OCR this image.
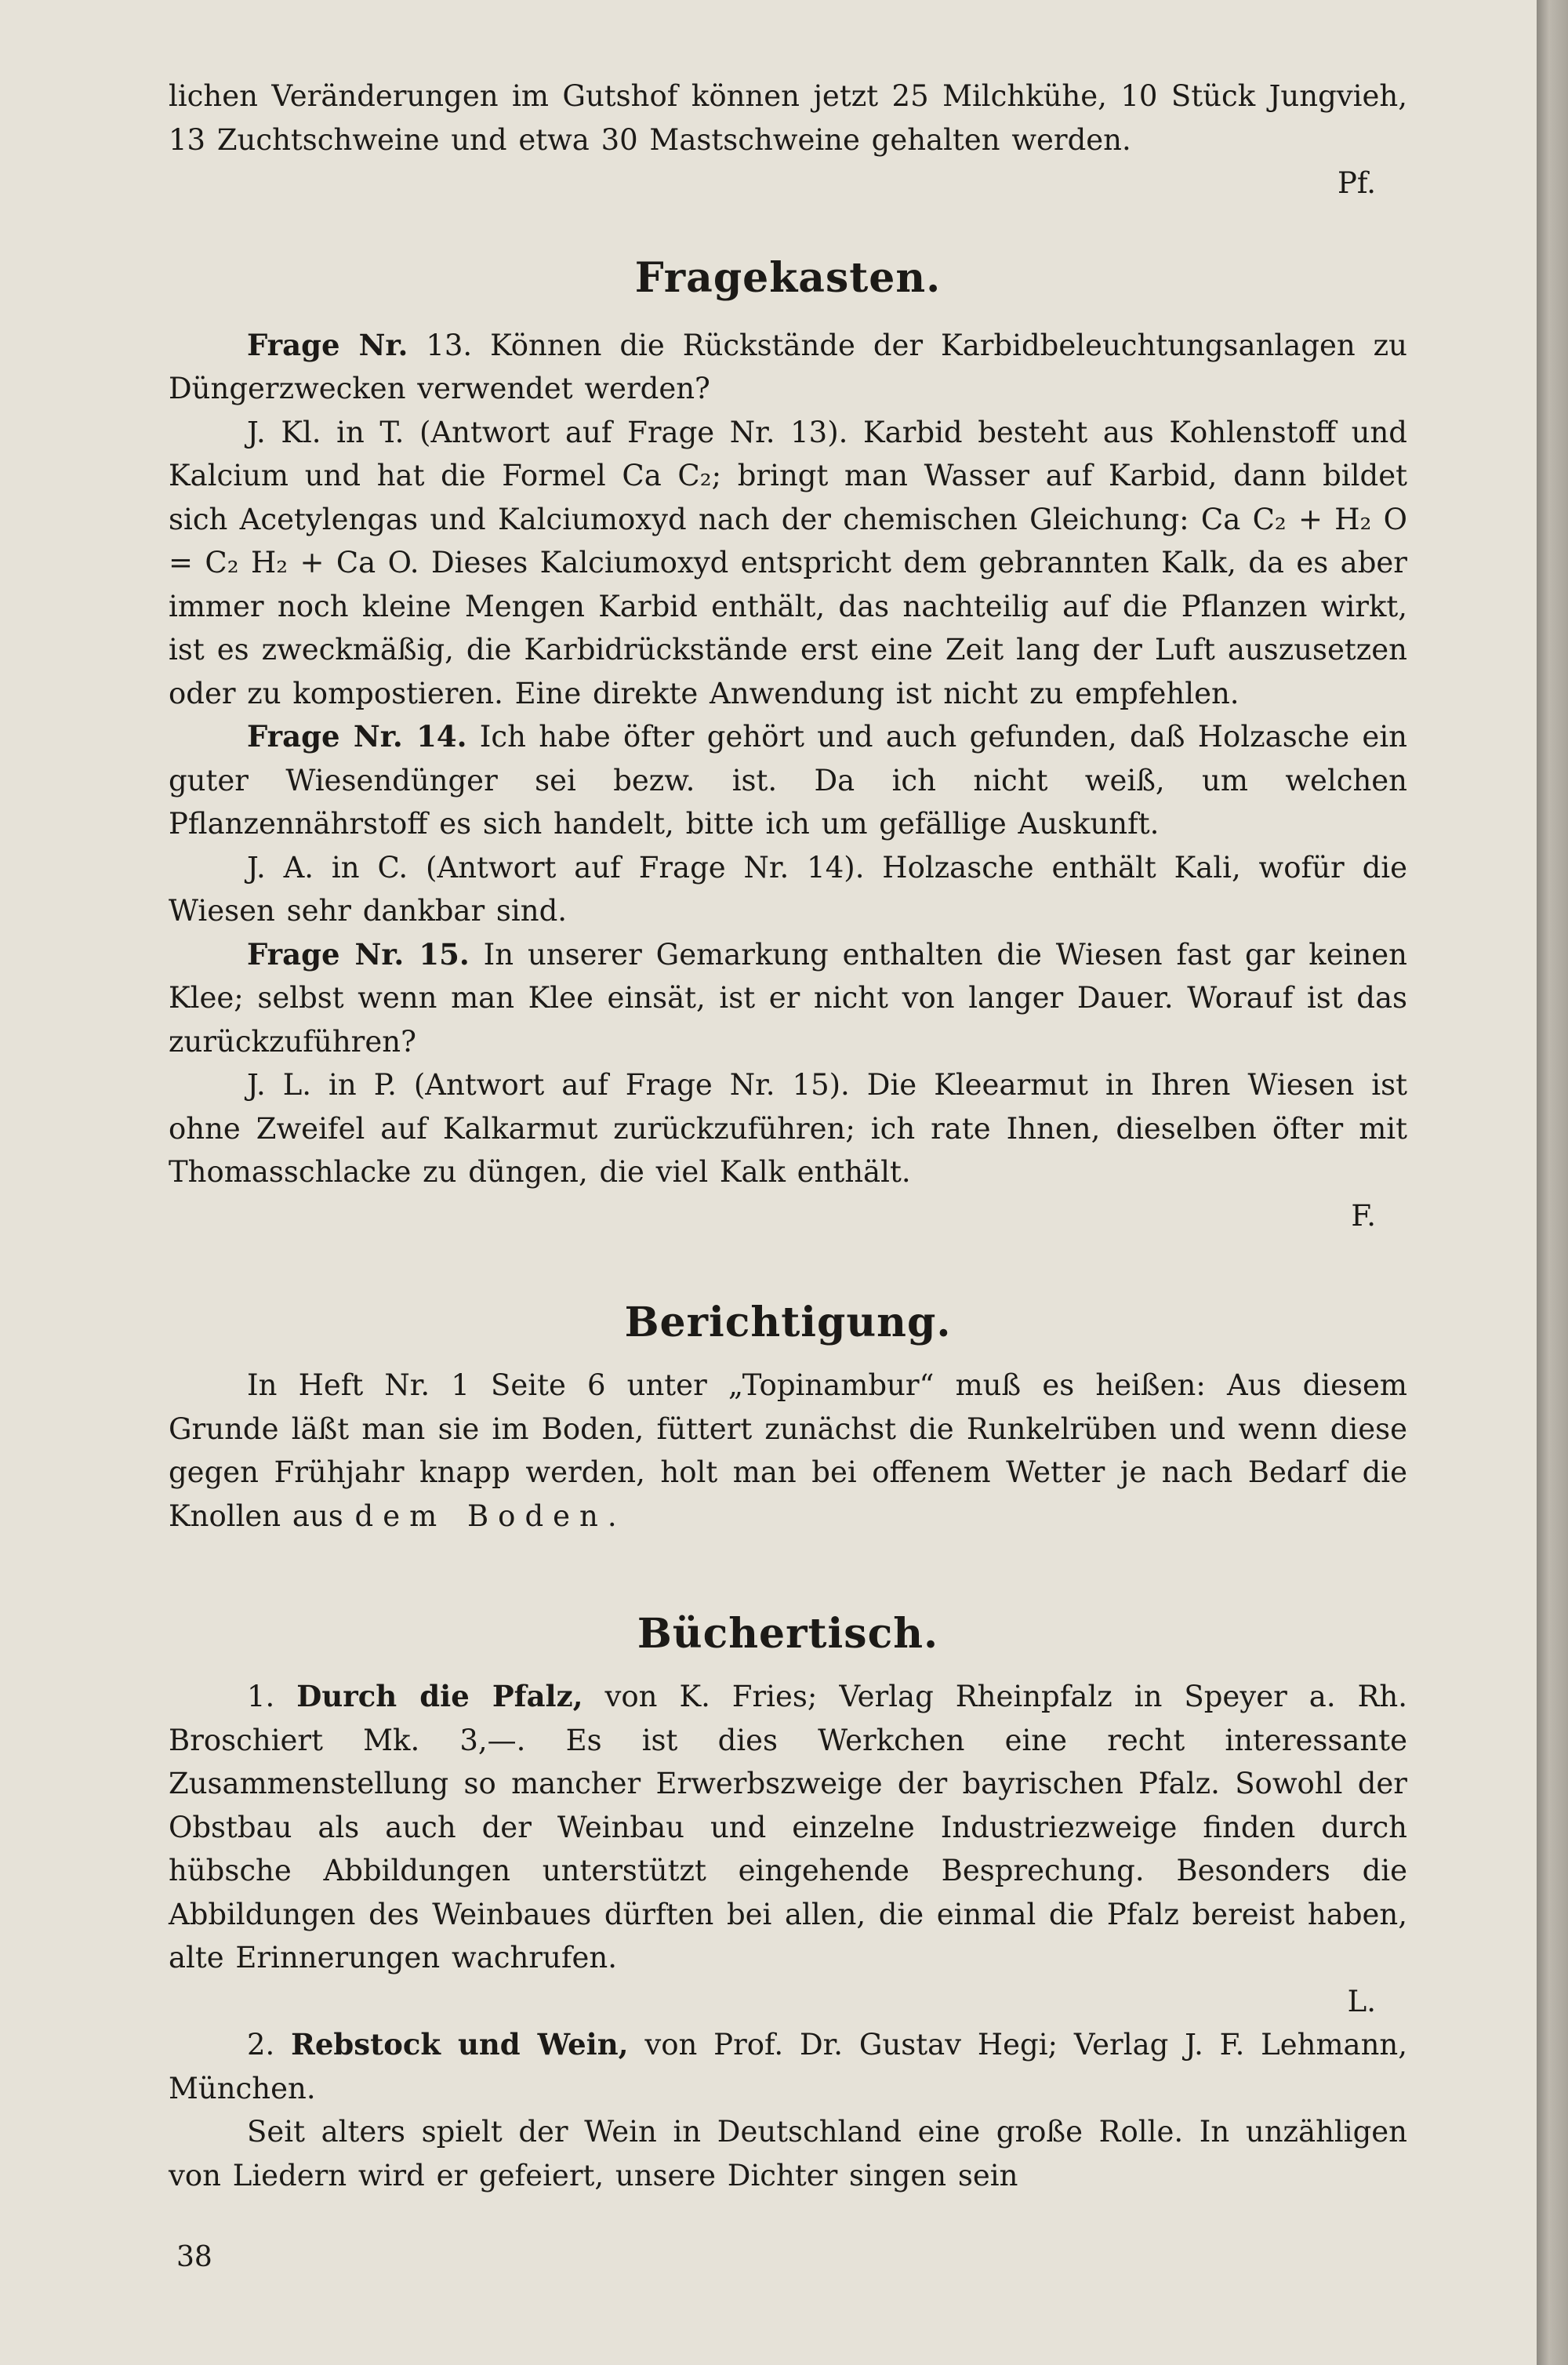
lichen Veränderungen im Gutshof können jetzt 25 Milchkühe, 10 Stück Jungvieh, 13 Zuchtschweine und etwa 30 Mastschweine gehalten werden.

Pf.

Fragekasten.

Frage Nr. 13. Können die Rückstände der Karbidbeleuchtungsanlagen zu Düngerzwecken verwendet werden?

J. Kl. in T. (Antwort auf Frage Nr. 13). Karbid besteht aus Kohlenstoff und Kalcium und hat die Formel Ca C₂; bringt man Wasser auf Karbid, dann bildet sich Acetylengas und Kalciumoxyd nach der chemischen Gleichung: Ca C₂ + H₂ O = C₂ H₂ + Ca O. Dieses Kalciumoxyd entspricht dem gebrannten Kalk, da es aber immer noch kleine Mengen Karbid enthält, das nachteilig auf die Pflanzen wirkt, ist es zweckmäßig, die Karbidrückstände erst eine Zeit lang der Luft auszusetzen oder zu kompostieren. Eine direkte Anwendung ist nicht zu empfehlen.

Frage Nr. 14. Ich habe öfter gehört und auch gefunden, daß Holzasche ein guter Wiesendünger sei bezw. ist. Da ich nicht weiß, um welchen Pflanzennährstoff es sich handelt, bitte ich um gefällige Auskunft.

J. A. in C. (Antwort auf Frage Nr. 14). Holzasche enthält Kali, wofür die Wiesen sehr dankbar sind.

Frage Nr. 15. In unserer Gemarkung enthalten die Wiesen fast gar keinen Klee; selbst wenn man Klee einsät, ist er nicht von langer Dauer. Worauf ist das zurückzuführen?

J. L. in P. (Antwort auf Frage Nr. 15). Die Kleearmut in Ihren Wiesen ist ohne Zweifel auf Kalkarmut zurückzuführen; ich rate Ihnen, dieselben öfter mit Thomasschlacke zu düngen, die viel Kalk enthält.

F.

Berichtigung.

In Heft Nr. 1 Seite 6 unter „Topinambur“ muß es heißen: Aus diesem Grunde läßt man sie im Boden, füttert zunächst die Runkelrüben und wenn diese gegen Frühjahr knapp werden, holt man bei offenem Wetter je nach Bedarf die Knollen aus dem Boden.

Büchertisch.

1. Durch die Pfalz, von K. Fries; Verlag Rheinpfalz in Speyer a. Rh. Broschiert Mk. 3,—. Es ist dies Werkchen eine recht interessante Zusammenstellung so mancher Erwerbszweige der bayrischen Pfalz. Sowohl der Obstbau als auch der Weinbau und einzelne Industriezweige finden durch hübsche Abbildungen unterstützt eingehende Besprechung. Besonders die Abbildungen des Weinbaues dürften bei allen, die einmal die Pfalz bereist haben, alte Erinnerungen wachrufen.

L.

2. Rebstock und Wein, von Prof. Dr. Gustav Hegi; Verlag J. F. Lehmann, München.

Seit alters spielt der Wein in Deutschland eine große Rolle. In unzähligen von Liedern wird er gefeiert, unsere Dichter singen sein

38
